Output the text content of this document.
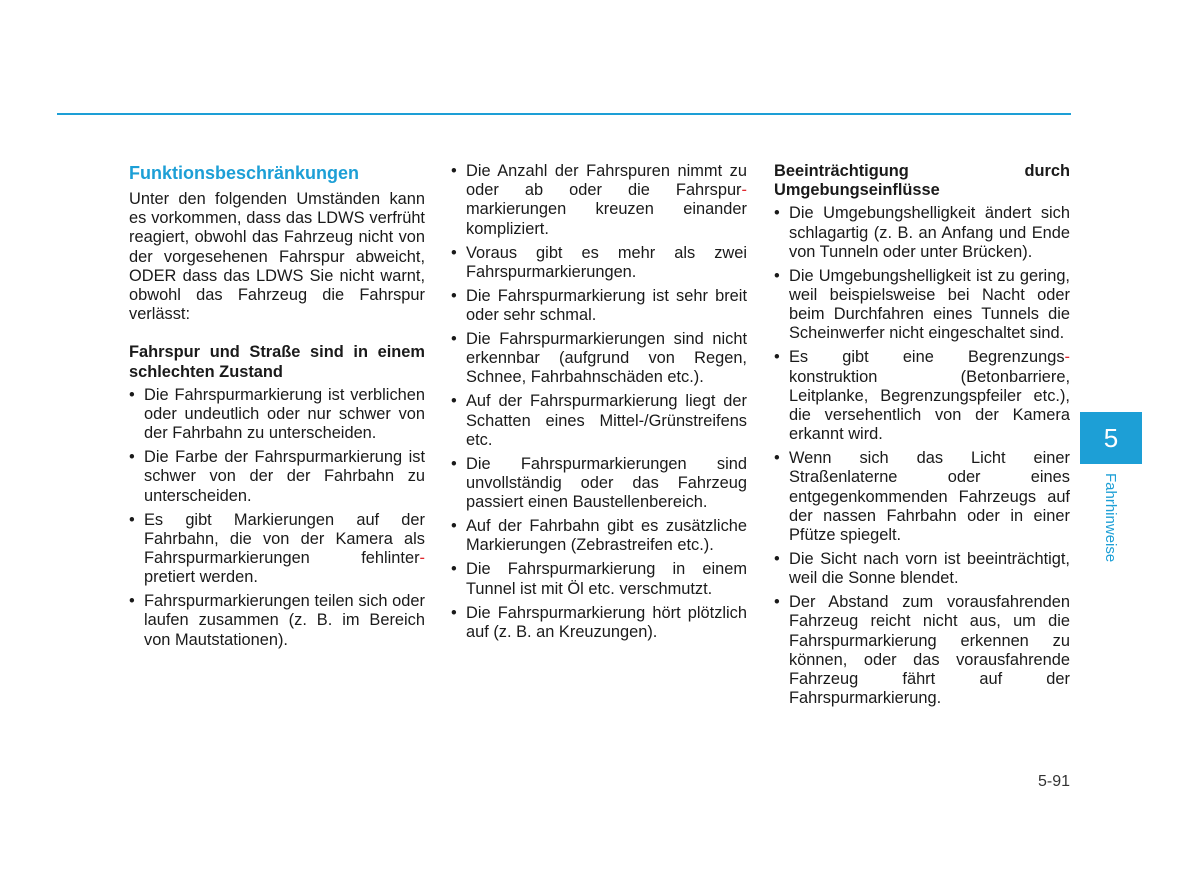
Funktionsbeschränkungen

Unter den folgenden Umständen kann es vorkommen, dass das LDWS verfrüht reagiert, obwohl das Fahrzeug nicht von der vorgesehenen Fahrspur abweicht, ODER dass das LDWS Sie nicht warnt, obwohl das Fahrzeug die Fahrspur verlässt:

Fahrspur und Straße sind in einem schlechten Zustand
• Die Fahrspurmarkierung ist verblichen oder undeutlich oder nur schwer von der Fahrbahn zu unterscheiden.
• Die Farbe der Fahrspurmarkierung ist schwer von der der Fahrbahn zu unterscheiden.
• Es gibt Markierungen auf der Fahrbahn, die von der Kamera als Fahrspurmarkierungen fehlinter- pretiert werden.
• Fahrspurmarkierungen teilen sich oder laufen zusammen (z. B. im Bereich von Mautstationen).
• Die Anzahl der Fahrspuren nimmt zu oder ab oder die Fahrspur- markierungen kreuzen einander kompliziert.
• Voraus gibt es mehr als zwei Fahrspurmarkierungen.
• Die Fahrspurmarkierung ist sehr breit oder sehr schmal.
• Die Fahrspurmarkierungen sind nicht erkennbar (aufgrund von Regen, Schnee, Fahrbahnschäden etc.).
• Auf der Fahrspurmarkierung liegt der Schatten eines Mittel-/Grünstreifens etc.
• Die Fahrspurmarkierungen sind unvollständig oder das Fahrzeug passiert einen Baustellenbereich.
• Auf der Fahrbahn gibt es zusätzliche Markierungen (Zebrastreifen etc.).
• Die Fahrspurmarkierung in einem Tunnel ist mit Öl etc. verschmutzt.
• Die Fahrspurmarkierung hört plötzlich auf (z. B. an Kreuzungen).
Beeinträchtigung	durch
Umgebungseinflüsse
• Die Umgebungshelligkeit ändert sich schlagartig (z. B. an Anfang und Ende von Tunneln oder unter Brücken).
• Die Umgebungshelligkeit ist zu gering, weil beispielsweise bei Nacht oder beim Durchfahren eines Tunnels die Scheinwerfer nicht eingeschaltet sind.
• Es gibt eine Begrenzungs- konstruktion (Betonbarriere, Leitplanke, Begrenzungspfeiler etc.), die versehentlich von der Kamera erkannt wird.
• Wenn sich das Licht einer Straßenlaterne oder eines entgegenkommenden Fahrzeugs auf der nassen Fahrbahn oder in einer Pfütze spiegelt.
• Die Sicht nach vorn ist beeinträchtigt, weil die Sonne blendet.
• Der Abstand zum vorausfahrenden Fahrzeug reicht nicht aus, um die Fahrspurmarkierung erkennen zu können, oder das vorausfahrende Fahrzeug fährt auf der Fahrspurmarkierung.
5
Fahrhinweise
5-91
